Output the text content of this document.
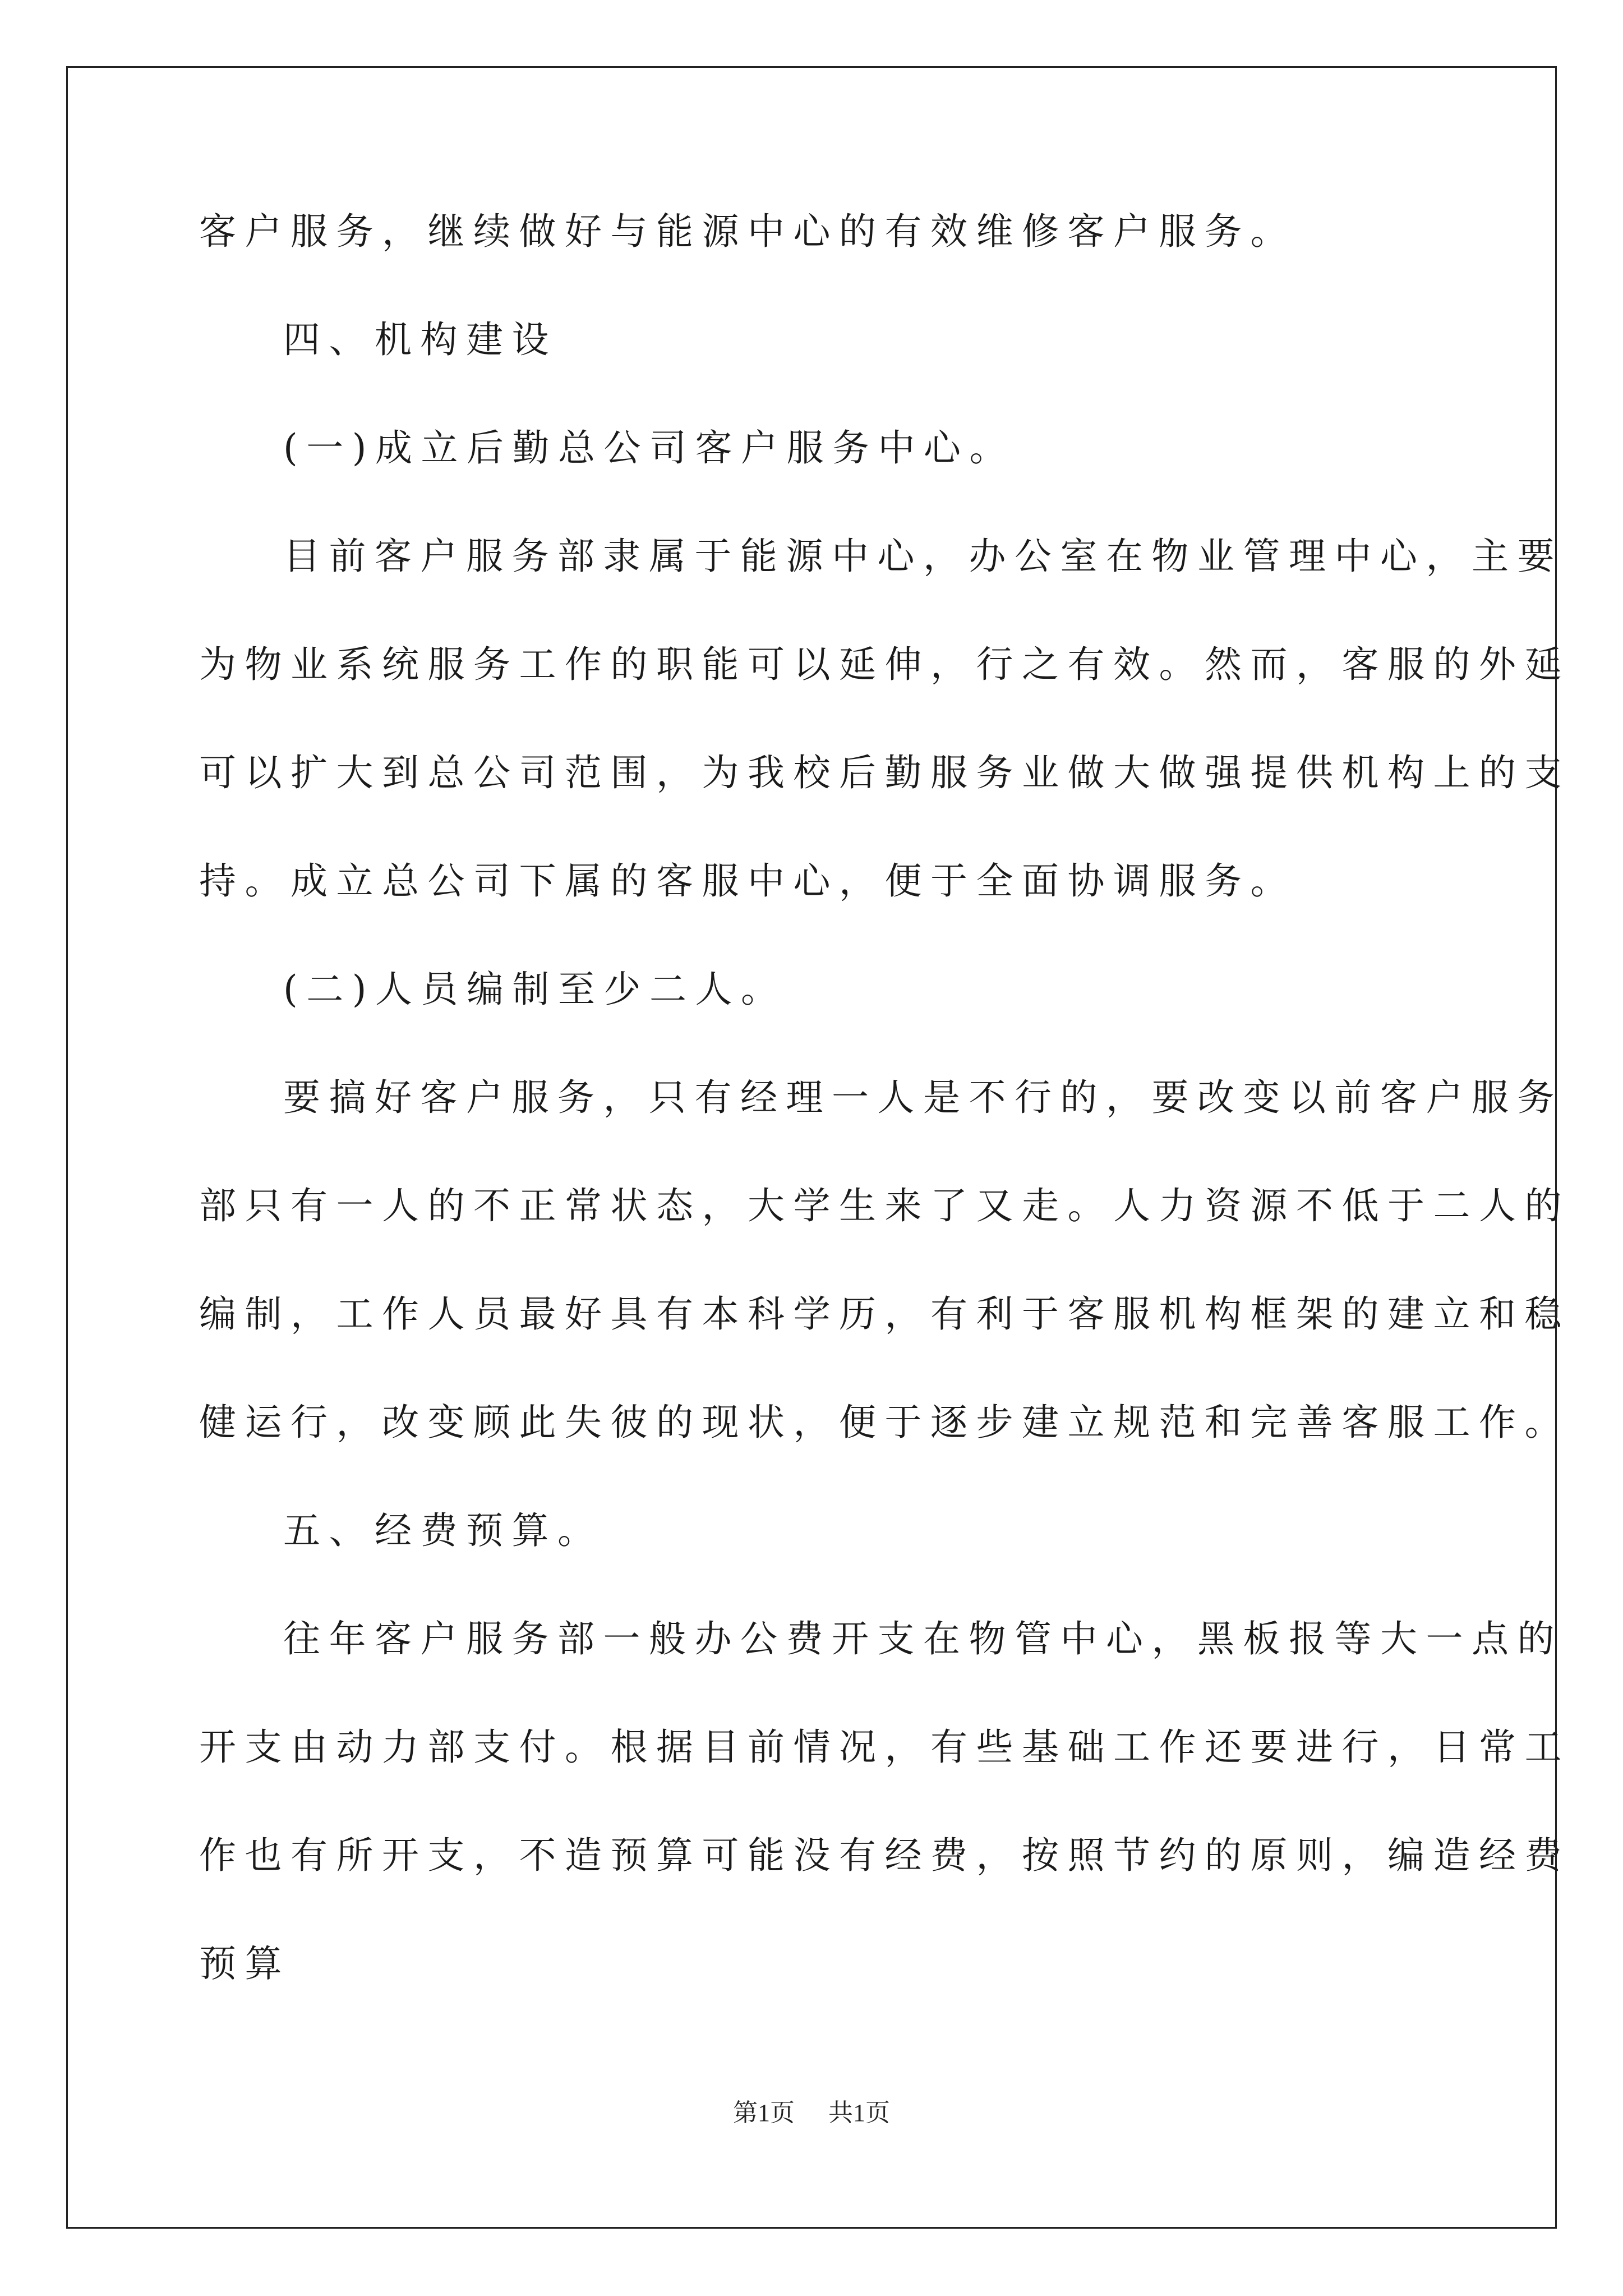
客户服务，继续做好与能源中心的有效维修客户服务。

四、机构建设

(一)成立后勤总公司客户服务中心。

目前客户服务部隶属于能源中心，办公室在物业管理中心，主要

为物业系统服务工作的职能可以延伸，行之有效。然而，客服的外延

可以扩大到总公司范围，为我校后勤服务业做大做强提供机构上的支

持。成立总公司下属的客服中心，便于全面协调服务。

(二)人员编制至少二人。

要搞好客户服务，只有经理一人是不行的，要改变以前客户服务

部只有一人的不正常状态，大学生来了又走。人力资源不低于二人的

编制，工作人员最好具有本科学历，有利于客服机构框架的建立和稳

健运行，改变顾此失彼的现状，便于逐步建立规范和完善客服工作。

五、经费预算。

往年客户服务部一般办公费开支在物管中心，黑板报等大一点的

开支由动力部支付。根据目前情况，有些基础工作还要进行，日常工

作也有所开支，不造预算可能没有经费，按照节约的原则，编造经费

预算

第1页 共1页
